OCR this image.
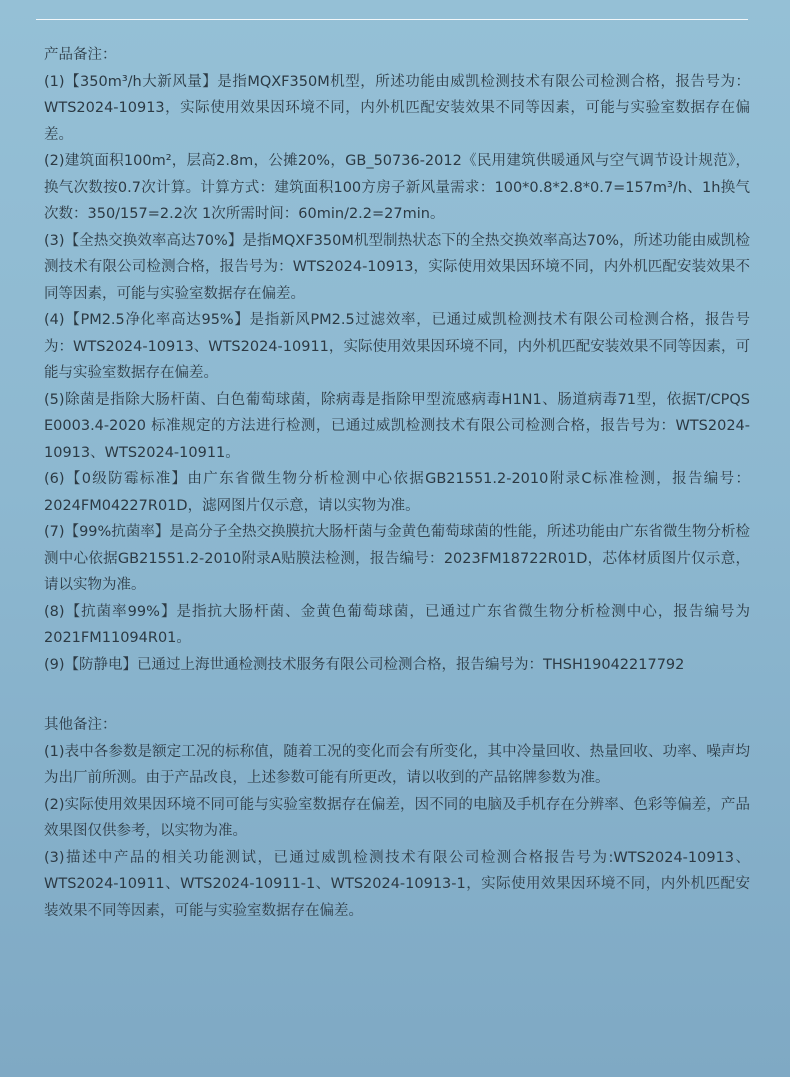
产品备注：

(1)【350m³/h大新风量】是指MQXF350M机型，所述功能由威凯检测技术有限公司检测合格，报告号为：WTS2024-10913，实际使用效果因环境不同，内外机匹配安装效果不同等因素，可能与实验室数据存在偏差。

(2)建筑面积100m²，层高2.8m，公摊20%，GB_50736-2012《民用建筑供暖通风与空气调节设计规范》，换气次数按0.7次计算。计算方式：建筑面积100方房子新风量需求：100*0.8*2.8*0.7=157m³/h、1h换气次数：350/157=2.2次 1次所需时间：60min/2.2=27min。

(3)【全热交换效率高达70%】是指MQXF350M机型制热状态下的全热交换效率高达70%，所述功能由威凯检测技术有限公司检测合格，报告号为：WTS2024-10913，实际使用效果因环境不同，内外机匹配安装效果不同等因素，可能与实验室数据存在偏差。

(4)【PM2.5净化率高达95%】是指新风PM2.5过滤效率，已通过威凯检测技术有限公司检测合格，报告号为：WTS2024-10913、WTS2024-10911，实际使用效果因环境不同，内外机匹配安装效果不同等因素，可能与实验室数据存在偏差。

(5)除菌是指除大肠杆菌、白色葡萄球菌，除病毒是指除甲型流感病毒H1N1、肠道病毒71型，依据T/CPQS E0003.4-2020 标准规定的方法进行检测，已通过威凯检测技术有限公司检测合格，报告号为：WTS2024-10913、WTS2024-10911。

(6)【0级防霉标准】由广东省微生物分析检测中心依据GB21551.2-2010附录C标准检测，报告编号：2024FM04227R01D，滤网图片仅示意，请以实物为准。

(7)【99%抗菌率】是高分子全热交换膜抗大肠杆菌与金黄色葡萄球菌的性能，所述功能由广东省微生物分析检测中心依据GB21551.2-2010附录A贴膜法检测，报告编号：2023FM18722R01D，芯体材质图片仅示意，请以实物为准。

(8)【抗菌率99%】是指抗大肠杆菌、金黄色葡萄球菌，已通过广东省微生物分析检测中心，报告编号为2021FM11094R01。

(9)【防静电】已通过上海世通检测技术服务有限公司检测合格，报告编号为：THSH19042217792

其他备注：

(1)表中各参数是额定工况的标称值，随着工况的变化而会有所变化，其中冷量回收、热量回收、功率、噪声均为出厂前所测。由于产品改良，上述参数可能有所更改，请以收到的产品铭牌参数为准。

(2)实际使用效果因环境不同可能与实验室数据存在偏差，因不同的电脑及手机存在分辨率、色彩等偏差，产品效果图仅供参考，以实物为准。

(3)描述中产品的相关功能测试，已通过威凯检测技术有限公司检测合格报告号为:WTS2024-10913、WTS2024-10911、WTS2024-10911-1、WTS2024-10913-1，实际使用效果因环境不同，内外机匹配安装效果不同等因素，可能与实验室数据存在偏差。
